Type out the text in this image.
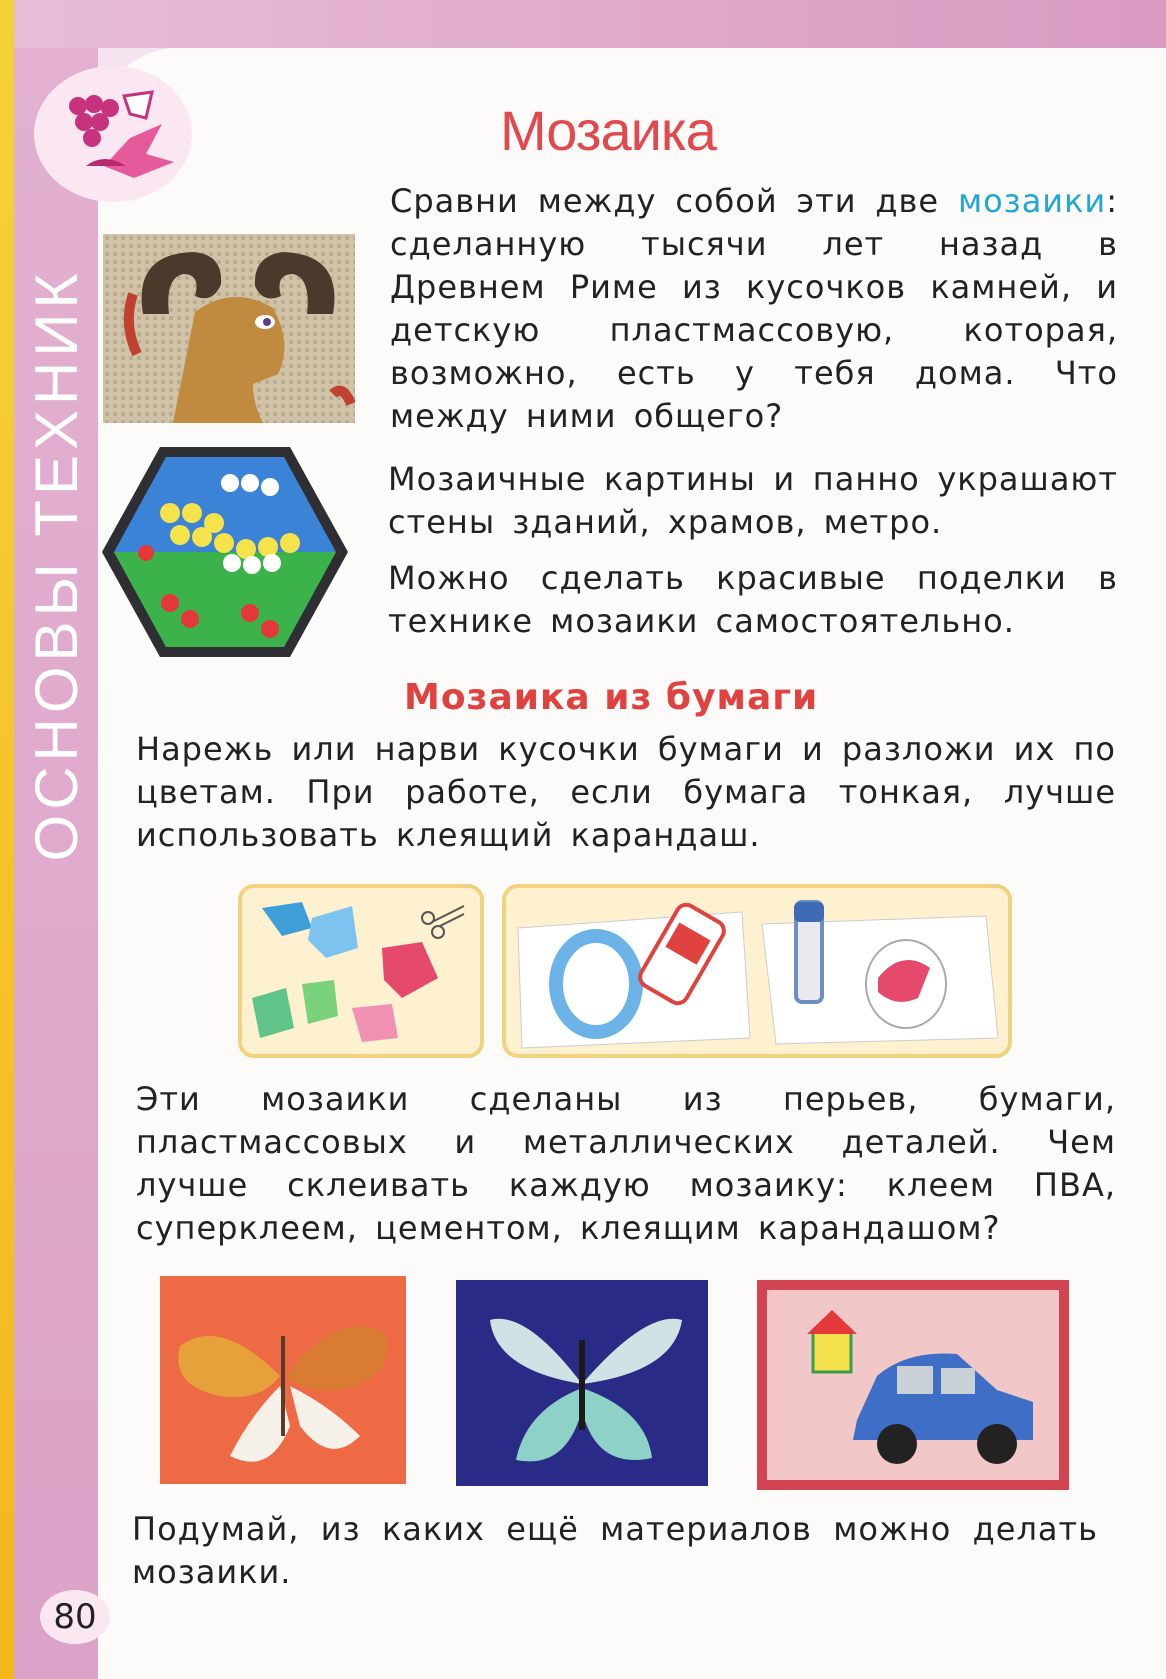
ОСНОВЫ ТЕХНИК
80
Мозаика

Сравни между собой эти две мозаики: сделанную тысячи лет назад в Древнем Риме из кусочков камней, и детскую пластмассовую, которая, возможно, есть у тебя дома. Что между ними общего?

Мозаичные картины и панно украшают стены зданий, храмов, метро.

Можно сделать красивые поделки в технике мозаики самостоятельно.

Мозаика из бумаги

Нарежь или нарви кусочки бумаги и разложи их по цветам. При работе, если бумага тонкая, лучше использовать клеящий карандаш.

Эти мозаики сделаны из перьев, бумаги, пластмассовых и металлических деталей. Чем лучше склеивать каждую мозаику: клеем ПВА, суперклеем, цементом, клеящим карандашом?

Подумай, из каких ещё материалов можно делать мозаики.
